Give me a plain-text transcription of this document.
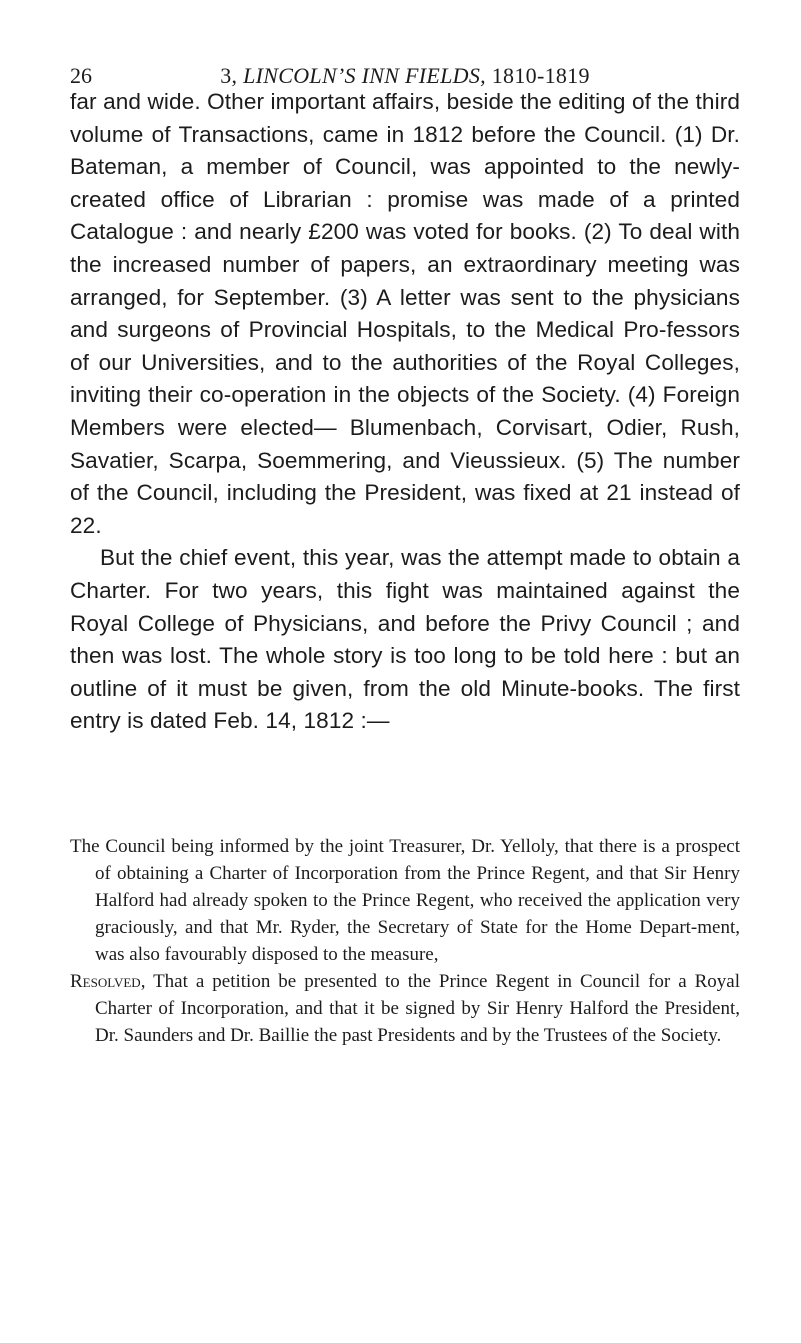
26	3, LINCOLN’S INN FIELDS, 1810-1819

far and wide. Other important affairs, beside the editing of the third volume of Transactions, came in 1812 before the Council. (1) Dr. Bateman, a member of Council, was appointed to the newly-created office of Librarian : promise was made of a printed Catalogue : and nearly £200 was voted for books. (2) To deal with the increased number of papers, an extraordinary meeting was arranged, for September. (3) A letter was sent to the physicians and surgeons of Provincial Hospitals, to the Medical Pro-fessors of our Universities, and to the authorities of the Royal Colleges, inviting their co-operation in the objects of the Society. (4) Foreign Members were elected— Blumenbach, Corvisart, Odier, Rush, Savatier, Scarpa, Soemmering, and Vieussieux. (5) The number of the Council, including the President, was fixed at 21 instead of 22.

But the chief event, this year, was the attempt made to obtain a Charter. For two years, this fight was maintained against the Royal College of Physicians, and before the Privy Council ; and then was lost. The whole story is too long to be told here : but an outline of it must be given, from the old Minute-books. The first entry is dated Feb. 14, 1812 :—

The Council being informed by the joint Treasurer, Dr. Yelloly, that there is a prospect of obtaining a Charter of Incorporation from the Prince Regent, and that Sir Henry Halford had already spoken to the Prince Regent, who received the application very graciously, and that Mr. Ryder, the Secretary of State for the Home Depart-ment, was also favourably disposed to the measure,

Resolved, That a petition be presented to the Prince Regent in Council for a Royal Charter of Incorporation, and that it be signed by Sir Henry Halford the President, Dr. Saunders and Dr. Baillie the past Presidents and by the Trustees of the Society.
